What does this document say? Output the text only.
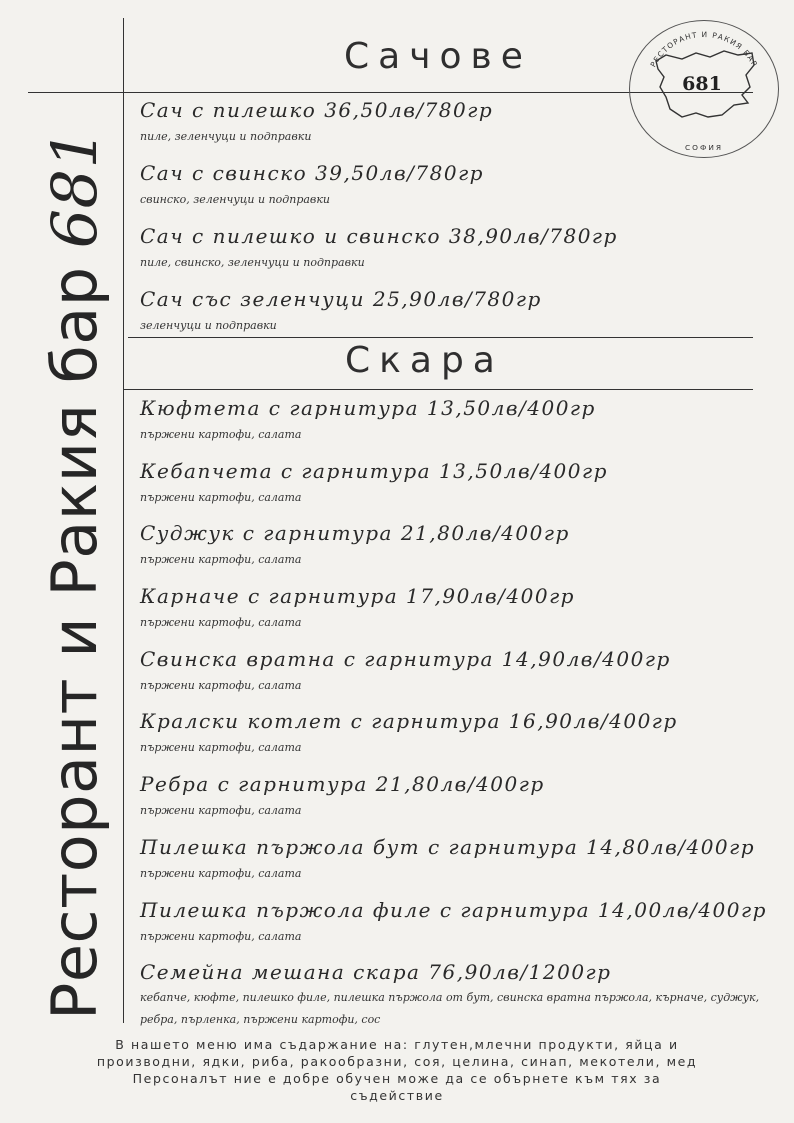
Ресторант и Ракия бар681
Сачове
Скара
РЕСТОРАНТ И РАКИЯ БАР
681
СОФИЯ
Сач с пилешко 36,50лв/780гр
пиле, зеленчуци и подправки
Сач с свинско 39,50лв/780гр
свинско, зеленчуци и подправки
Сач с пилешко и свинско 38,90лв/780гр
пиле, свинско, зеленчуци и подправки
Сач със зеленчуци 25,90лв/780гр
зеленчуци и подправки
Кюфтета с гарнитура 13,50лв/400гр
пържени картофи, салата
Кебапчета с гарнитура 13,50лв/400гр
пържени картофи, салата
Суджук с гарнитура 21,80лв/400гр
пържени картофи, салата
Карначе с гарнитура 17,90лв/400гр
пържени картофи, салата
Свинска вратна с гарнитура 14,90лв/400гр
пържени картофи, салата
Кралски котлет с гарнитура 16,90лв/400гр
пържени картофи, салата
Ребра с гарнитура 21,80лв/400гр
пържени картофи, салата
Пилешка пържола бут с гарнитура 14,80лв/400гр
пържени картофи, салата
Пилешка пържола филе с гарнитура 14,00лв/400гр
пържени картофи, салата
Семейна мешана скара 76,90лв/1200гр
кебапче, кюфте, пилешко филе, пилешка пържола от бут, свинска вратна пържола, кърначе, суджук, ребра, пърленка, пържени картофи, сос
В нашето меню има съдаржание на: глутен,млечни продукти, яйца и
производни, ядки, риба, ракообразни, соя, целина, синап, мекотели, мед
Персоналът ние е добре обучен може да се обърнете към тях за
съдействие
